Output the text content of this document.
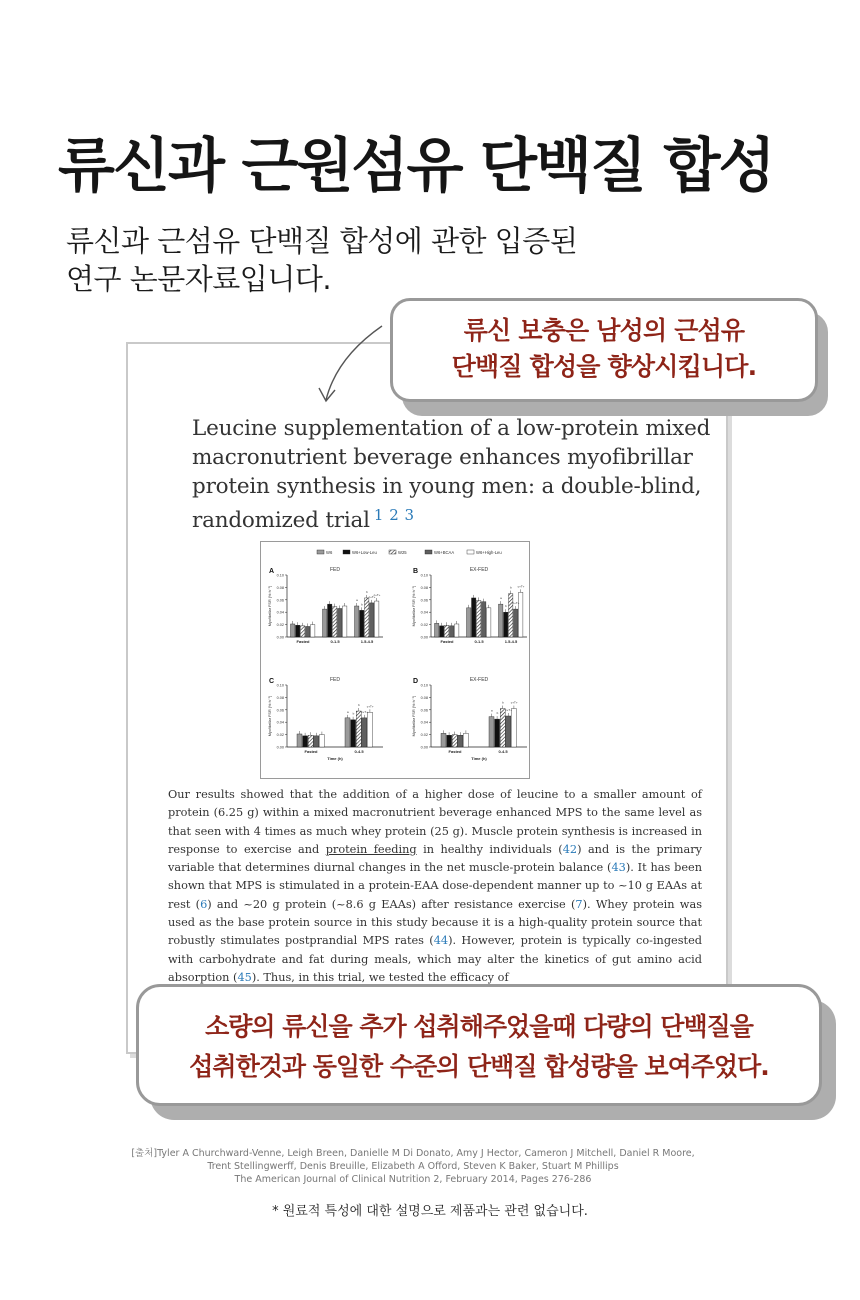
류신과 근원섬유 단백질 합성
류신과 근섬유 단백질 합성에 관한 입증된
연구 논문자료입니다.
Leucine supplementation of a low-protein mixed macronutrient beverage enhances myofibrillar protein synthesis in young men: a double-blind, randomized trial $^{1 2 3}$
W6	W6+Low-Leu	W25	W6+BCAA	W6+High-Leu
A	FED
0.00
0.02
0.04
0.06
0.08
0.10
Myofibrillar FSR (%·h⁻¹)
Fasted	0-1.5	1.5-4.5
a
b
b
c+T+
c+T+
B	EX-FED
0.00
0.02
0.04
0.06
0.08
0.10
Myofibrillar FSR (%·h⁻¹)
Fasted	0-1.5	1.5-4.5
a
b
b
c+T+
c+T+
C	FED
0.00
0.02
0.04
0.06
0.08
0.10
Myofibrillar FSR (%·h⁻¹)
Fasted	0-4.5
Time (h)
a b
b
c+T+
c+T+
D	EX-FED
0.00
0.02
0.04
0.06
0.08
0.10
Myofibrillar FSR (%·h⁻¹)
Fasted	0-4.5
Time (h)
a
b
b
c+T+
c+T+
Our results showed that the addition of a higher dose of leucine to a smaller amount of protein (6.25 g) within a mixed macronutrient beverage enhanced MPS to the same level as that seen with 4 times as much whey protein (25 g). Muscle protein synthesis is increased in response to exercise and protein feeding in healthy individuals (42) and is the primary variable that determines diurnal changes in the net muscle-protein balance (43). It has been shown that MPS is stimulated in a protein-EAA dose-dependent manner up to ~10 g EAAs at rest (6) and ~20 g protein (~8.6 g EAAs) after resistance exercise (7). Whey protein was used as the base protein source in this study because it is a high-quality protein source that robustly stimulates postprandial MPS rates (44). However, protein is typically co-ingested with carbohydrate and fat during meals, which may alter the kinetics of gut amino acid absorption (45). Thus, in this trial, we tested the efficacy of
류신 보충은 남성의 근섬유
단백질 합성을 향상시킵니다.
소량의 류신을 추가 섭취해주었을때 다량의 단백질을
섭취한것과 동일한 수준의 단백질 합성량을 보여주었다.
[출처]Tyler A Churchward-Venne, Leigh Breen, Danielle M Di Donato, Amy J Hector, Cameron J Mitchell, Daniel R Moore,
Trent Stellingwerff, Denis Breuille, Elizabeth A Offord, Steven K Baker, Stuart M Phillips
The American Journal of Clinical Nutrition 2, February 2014, Pages 276-286
* 원료적 특성에 대한 설명으로 제품과는 관련 없습니다.
